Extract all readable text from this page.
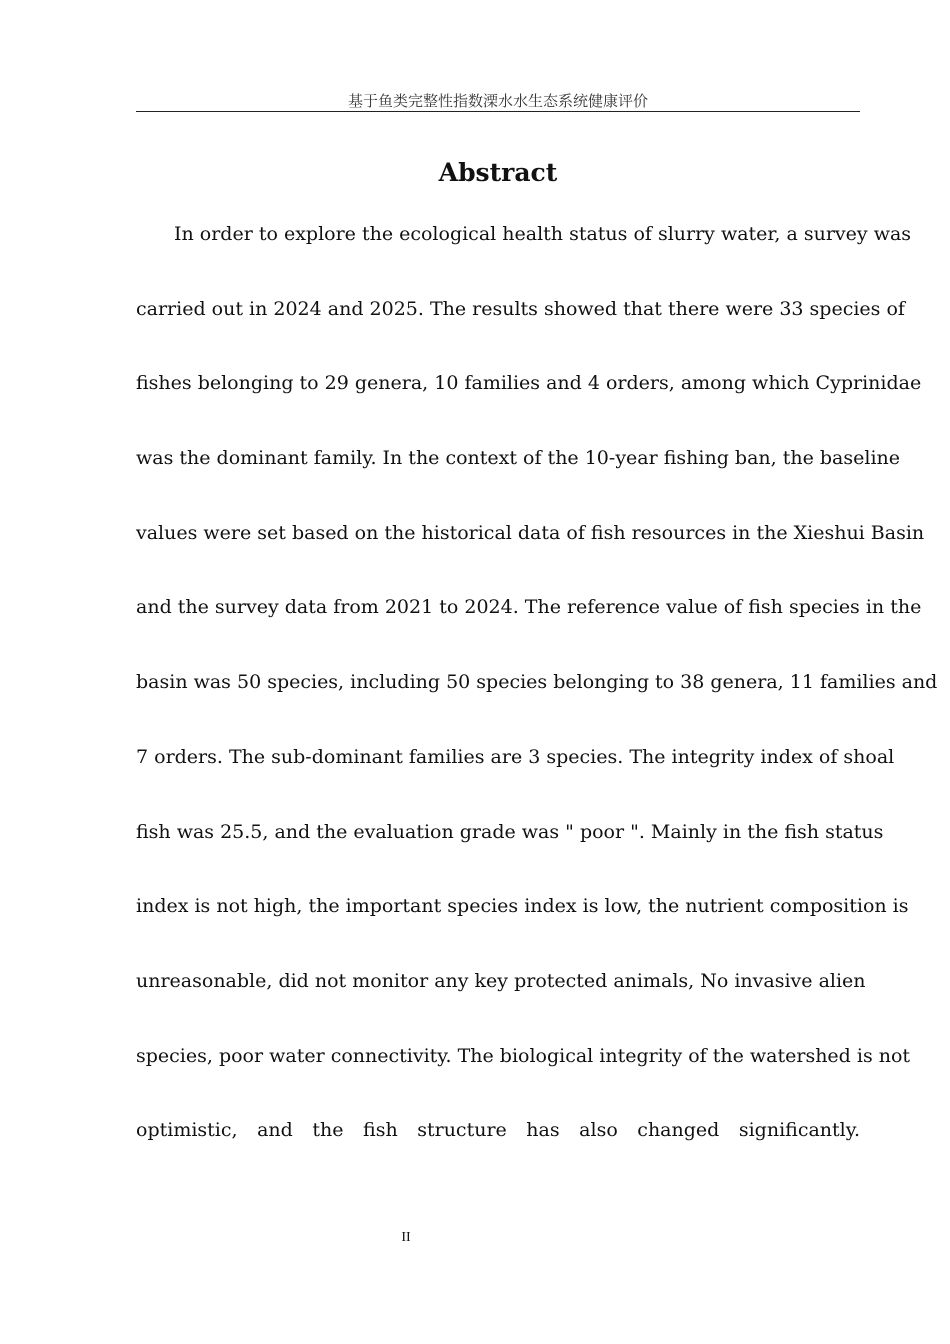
基于鱼类完整性指数溧水水生态系统健康评价
Abstract
In order to explore the ecological health status of slurry water, a survey was
carried out in 2024 and 2025. The results showed that there were 33 species of
fishes belonging to 29 genera, 10 families and 4 orders, among which Cyprinidae
was the dominant family. In the context of the 10-year fishing ban, the baseline
values were set based on the historical data of fish resources in the Xieshui Basin
and the survey data from 2021 to 2024. The reference value of fish species in the
basin was 50 species, including 50 species belonging to 38 genera, 11 families and
7 orders. The sub-dominant families are 3 species. The integrity index of shoal
fish was 25.5, and the evaluation grade was " poor ". Mainly in the fish status
index is not high, the important species index is low, the nutrient composition is
unreasonable, did not monitor any key protected animals, No invasive alien
species, poor water connectivity. The biological integrity of the watershed is not
optimistic, and the fish structure has also changed significantly.
II
